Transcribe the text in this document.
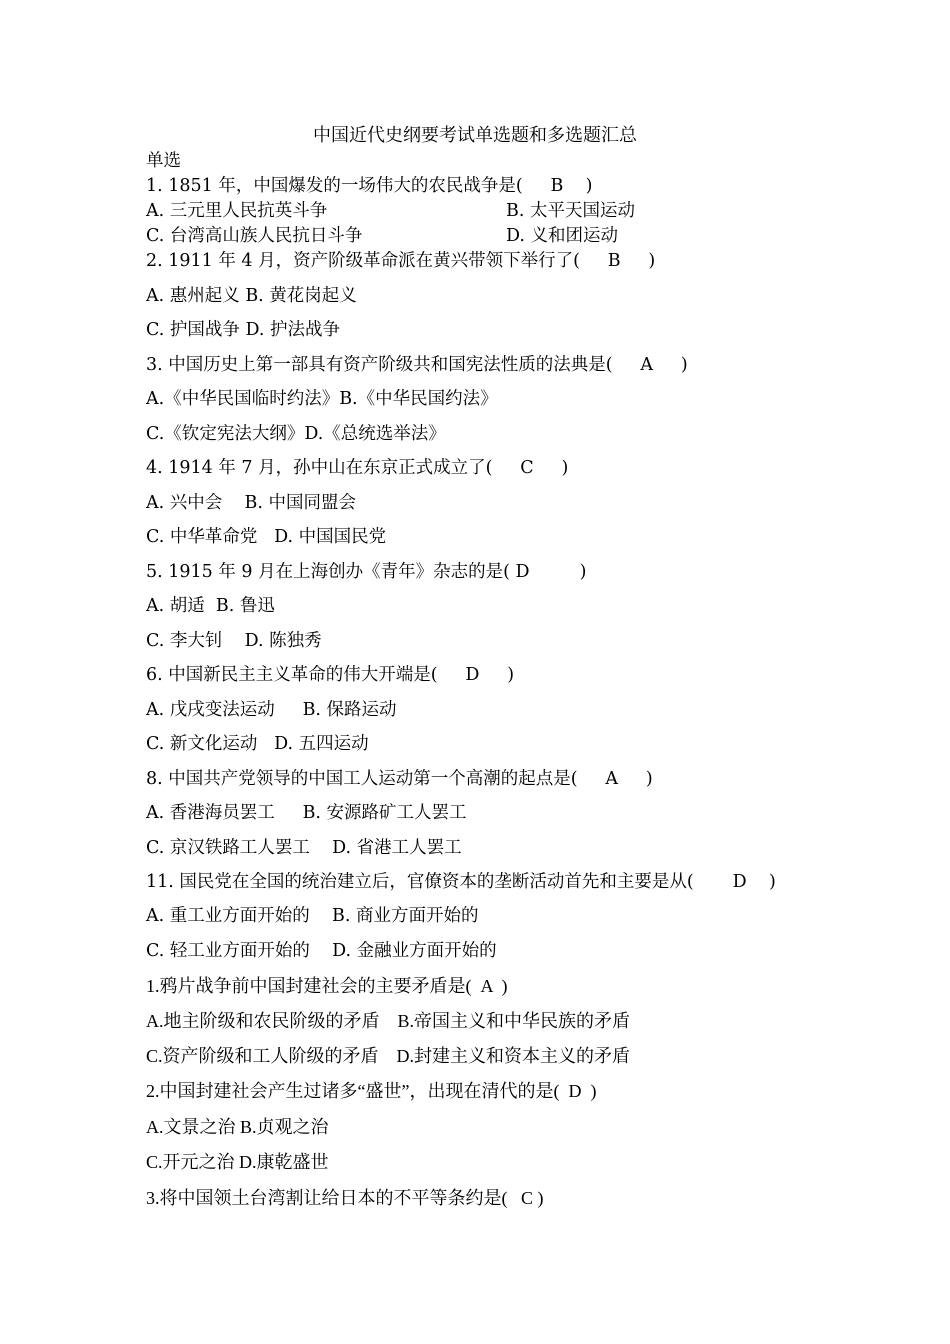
中国近代史纲要考试单选题和多选题汇总
单选
1. 1851 年，中国爆发的一场伟大的农民战争是(     B    )
A. 三元里人民抗英斗争	B. 太平天国运动
C. 台湾高山族人民抗日斗争	D. 义和团运动
2. 1911 年 4 月，资产阶级革命派在黄兴带领下举行了(     B     )
A. 惠州起义 B. 黄花岗起义
C. 护国战争 D. 护法战争
3. 中国历史上第一部具有资产阶级共和国宪法性质的法典是(     A     )
A.《中华民国临时约法》B.《中华民国约法》
C.《钦定宪法大纲》D.《总统选举法》
4. 1914 年 7 月，孙中山在东京正式成立了(     C     )
A. 兴中会    B. 中国同盟会
C. 中华革命党   D. 中国国民党
5. 1915 年 9 月在上海创办《青年》杂志的是( D         )
A. 胡适  B. 鲁迅
C. 李大钊    D. 陈独秀
6. 中国新民主主义革命的伟大开端是(     D     )
A. 戊戌变法运动     B. 保路运动
C. 新文化运动   D. 五四运动
8. 中国共产党领导的中国工人运动第一个高潮的起点是(     A     )
A. 香港海员罢工     B. 安源路矿工人罢工
C. 京汉铁路工人罢工    D. 省港工人罢工
11. 国民党在全国的统治建立后，官僚资本的垄断活动首先和主要是从(       D    )
A. 重工业方面开始的    B. 商业方面开始的
C. 轻工业方面开始的    D. 金融业方面开始的
1.鸦片战争前中国封建社会的主要矛盾是(  A  )
A.地主阶级和农民阶级的矛盾    B.帝国主义和中华民族的矛盾
C.资产阶级和工人阶级的矛盾    D.封建主义和资本主义的矛盾
2.中国封建社会产生过诸多“盛世”，出现在清代的是(  D  )
A.文景之治 B.贞观之治
C.开元之治 D.康乾盛世
3.将中国领土台湾割让给日本的不平等条约是(   C )
